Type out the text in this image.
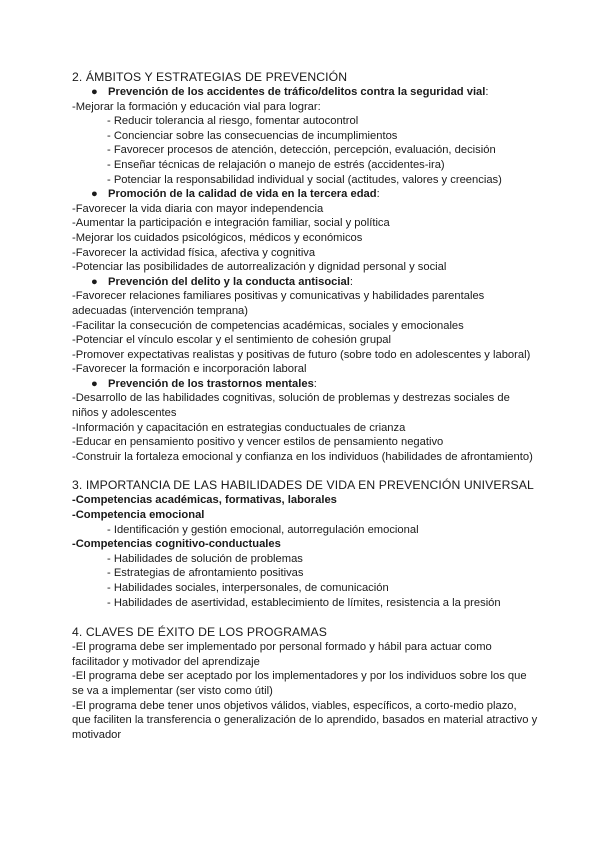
2. ÁMBITOS Y ESTRATEGIAS DE PREVENCIÓN

● Prevención de los accidentes de tráfico/delitos contra la seguridad vial:

-Mejorar la formación y educación vial para lograr:

- Reducir tolerancia al riesgo, fomentar autocontrol

- Concienciar sobre las consecuencias de incumplimientos

- Favorecer procesos de atención, detección, percepción, evaluación, decisión

- Enseñar técnicas de relajación o manejo de estrés (accidentes-ira)

- Potenciar la responsabilidad individual y social (actitudes, valores y creencias)

● Promoción de la calidad de vida en la tercera edad:

-Favorecer la vida diaria con mayor independencia

-Aumentar la participación e integración familiar, social y política

-Mejorar los cuidados psicológicos, médicos y económicos

-Favorecer la actividad física, afectiva y cognitiva

-Potenciar las posibilidades de autorrealización y dignidad personal y social

● Prevención del delito y la conducta antisocial:

-Favorecer relaciones familiares positivas y comunicativas y habilidades parentales adecuadas (intervención temprana)

-Facilitar la consecución de competencias académicas, sociales y emocionales

-Potenciar el vínculo escolar y el sentimiento de cohesión grupal

-Promover expectativas realistas y positivas de futuro (sobre todo en adolescentes y laboral)

-Favorecer la formación e incorporación laboral

● Prevención de los trastornos mentales:

-Desarrollo de las habilidades cognitivas, solución de problemas y destrezas sociales de niños y adolescentes

-Información y capacitación en estrategias conductuales de crianza

-Educar en pensamiento positivo y vencer estilos de pensamiento negativo

-Construir la fortaleza emocional y confianza en los individuos (habilidades de afrontamiento)

3. IMPORTANCIA DE LAS HABILIDADES DE VIDA EN PREVENCIÓN UNIVERSAL

-Competencias académicas, formativas, laborales

-Competencia emocional

- Identificación y gestión emocional, autorregulación emocional

-Competencias cognitivo-conductuales

- Habilidades de solución de problemas

- Estrategias de afrontamiento positivas

- Habilidades sociales, interpersonales, de comunicación

- Habilidades de asertividad, establecimiento de límites, resistencia a la presión

4. CLAVES DE ÉXITO DE LOS PROGRAMAS

-El programa debe ser implementado por personal formado y hábil para actuar como facilitador y motivador del aprendizaje

-El programa debe ser aceptado por los implementadores y por los individuos sobre los que se va a implementar (ser visto como útil)

-El programa debe tener unos objetivos válidos, viables, específicos, a corto-medio plazo, que faciliten la transferencia o generalización de lo aprendido, basados en material atractivo y motivador
